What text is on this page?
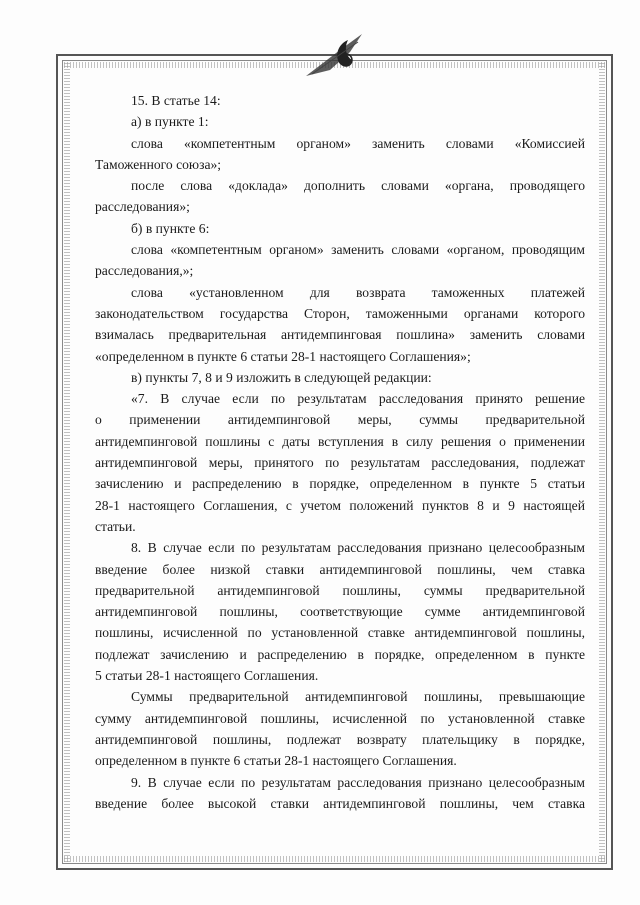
15. В статье 14:

а) в пункте 1:

слова «компетентным органом» заменить словами «Комиссией

Таможенного союза»;

после слова «доклада» дополнить словами «органа, проводящего

расследования»;

б) в пункте 6:

слова «компетентным органом» заменить словами «органом, проводящим

расследования,»;

слова «установленном для возврата таможенных платежей

законодательством государства Сторон, таможенными органами которого

взималась предварительная антидемпинговая пошлина» заменить словами

«определенном в пункте 6 статьи 28-1 настоящего Соглашения»;

в) пункты 7, 8 и 9 изложить в следующей редакции:

«7. В случае если по результатам расследования принято решение

о применении антидемпинговой меры, суммы предварительной

антидемпинговой пошлины с даты вступления в силу решения о применении

антидемпинговой меры, принятого по результатам расследования, подлежат

зачислению и распределению в порядке, определенном в пункте 5 статьи

28-1 настоящего Соглашения, с учетом положений пунктов 8 и 9 настоящей

статьи.

8. В случае если по результатам расследования признано целесообразным

введение более низкой ставки антидемпинговой пошлины, чем ставка

предварительной антидемпинговой пошлины, суммы предварительной

антидемпинговой пошлины, соответствующие сумме антидемпинговой

пошлины, исчисленной по установленной ставке антидемпинговой пошлины,

подлежат зачислению и распределению в порядке, определенном в пункте

5 статьи 28-1 настоящего Соглашения.

Суммы предварительной антидемпинговой пошлины, превышающие

сумму антидемпинговой пошлины, исчисленной по установленной ставке

антидемпинговой пошлины, подлежат возврату плательщику в порядке,

определенном в пункте 6 статьи 28-1 настоящего Соглашения.

9. В случае если по результатам расследования признано целесообразным

введение более высокой ставки антидемпинговой пошлины, чем ставка
